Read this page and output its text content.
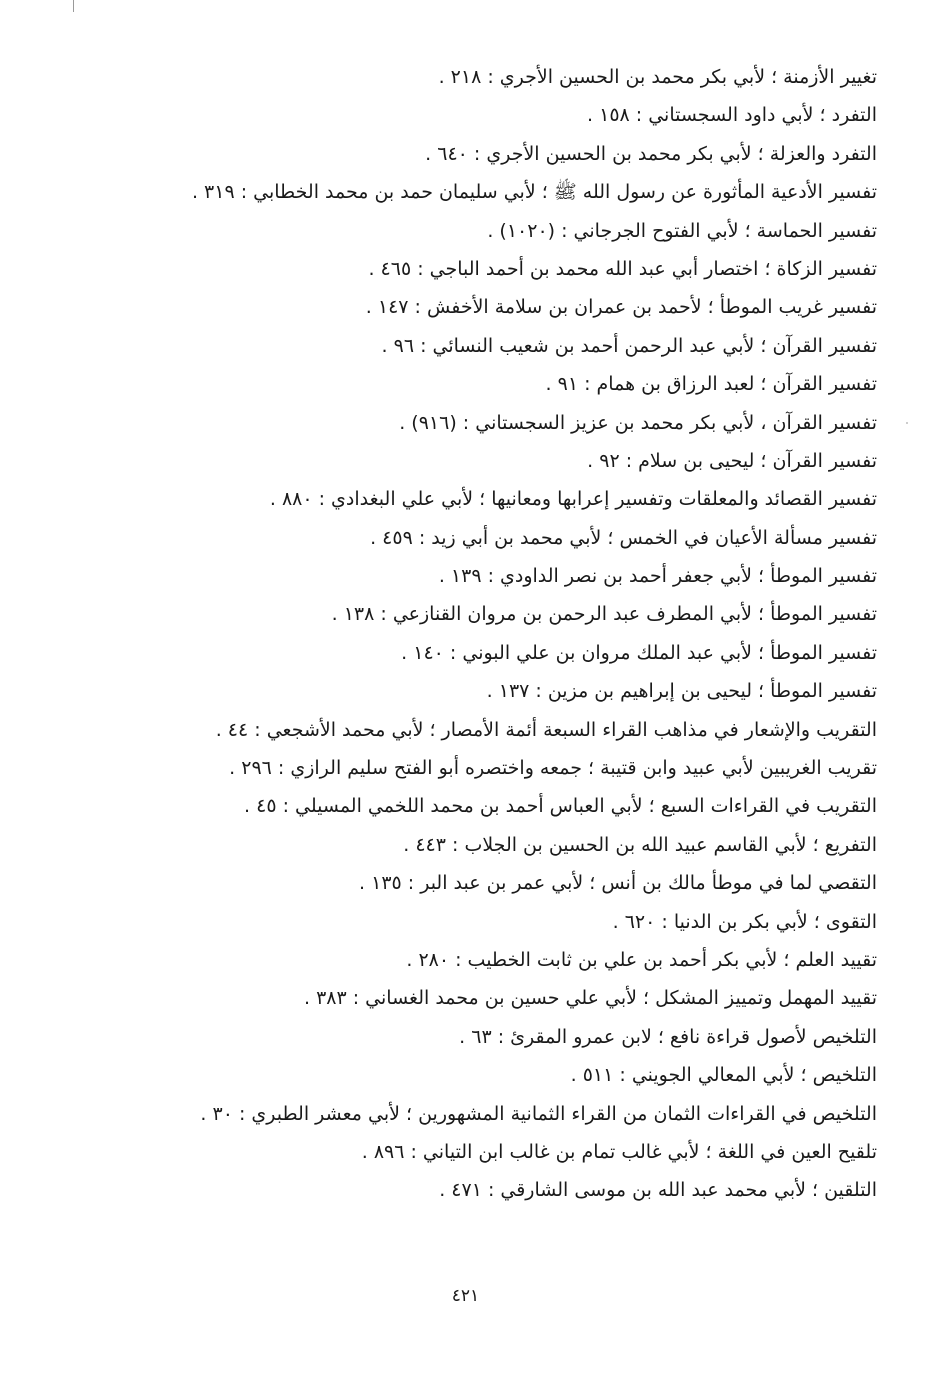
تغيير الأزمنة ؛ لأبي بكر محمد بن الحسين الأجري : ٢١٨ .
التفرد ؛ لأبي داود السجستاني : ١٥٨ .
التفرد والعزلة ؛ لأبي بكر محمد بن الحسين الأجري : ٦٤٠ .
تفسير الأدعية المأثورة عن رسول الله ﷺ ؛ لأبي سليمان حمد بن محمد الخطابي : ٣١٩ .
تفسير الحماسة ؛ لأبي الفتوح الجرجاني : (١٠٢٠) .
تفسير الزكاة ؛ اختصار أبي عبد الله محمد بن أحمد الباجي : ٤٦٥ .
تفسير غريب الموطأ ؛ لأحمد بن عمران بن سلامة الأخفش : ١٤٧ .
تفسير القرآن ؛ لأبي عبد الرحمن أحمد بن شعيب النسائي : ٩٦ .
تفسير القرآن ؛ لعبد الرزاق بن همام : ٩١ .
تفسير القرآن ، لأبي بكر محمد بن عزيز السجستاني : (٩١٦) .
تفسير القرآن ؛ ليحيى بن سلام : ٩٢ .
تفسير القصائد والمعلقات وتفسير إعرابها ومعانيها ؛ لأبي علي البغدادي : ٨٨٠ .
تفسير مسألة الأعيان في الخمس ؛ لأبي محمد بن أبي زيد : ٤٥٩ .
تفسير الموطأ ؛ لأبي جعفر أحمد بن نصر الداودي : ١٣٩ .
تفسير الموطأ ؛ لأبي المطرف عبد الرحمن بن مروان القنازعي : ١٣٨ .
تفسير الموطأ ؛ لأبي عبد الملك مروان بن علي البوني : ١٤٠ .
تفسير الموطأ ؛ ليحيى بن إبراهيم بن مزين : ١٣٧ .
التقريب والإشعار في مذاهب القراء السبعة أئمة الأمصار ؛ لأبي محمد الأشجعي : ٤٤ .
تقريب الغريبين لأبي عبيد وابن قتيبة ؛ جمعه واختصره أبو الفتح سليم الرازي : ٢٩٦ .
التقريب في القراءات السبع ؛ لأبي العباس أحمد بن محمد اللخمي المسيلي : ٤٥ .
التفريع ؛ لأبي القاسم عبيد الله بن الحسين بن الجلاب : ٤٤٣ .
التقصي لما في موطأ مالك بن أنس ؛ لأبي عمر بن عبد البر : ١٣٥ .
التقوى ؛ لأبي بكر بن الدنيا : ٦٢٠ .
تقييد العلم ؛ لأبي بكر أحمد بن علي بن ثابت الخطيب : ٢٨٠ .
تقييد المهمل وتمييز المشكل ؛ لأبي علي حسين بن محمد الغساني : ٣٨٣ .
التلخيص لأصول قراءة نافع ؛ لابن عمرو المقرئ : ٦٣ .
التلخيص ؛ لأبي المعالي الجويني : ٥١١ .
التلخيص في القراءات الثمان من القراء الثمانية المشهورين ؛ لأبي معشر الطبري : ٣٠ .
تلقيح العين في اللغة ؛ لأبي غالب تمام بن غالب ابن التياني : ٨٩٦ .
التلقين ؛ لأبي محمد عبد الله بن موسى الشارقي : ٤٧١ .
٤٢١
